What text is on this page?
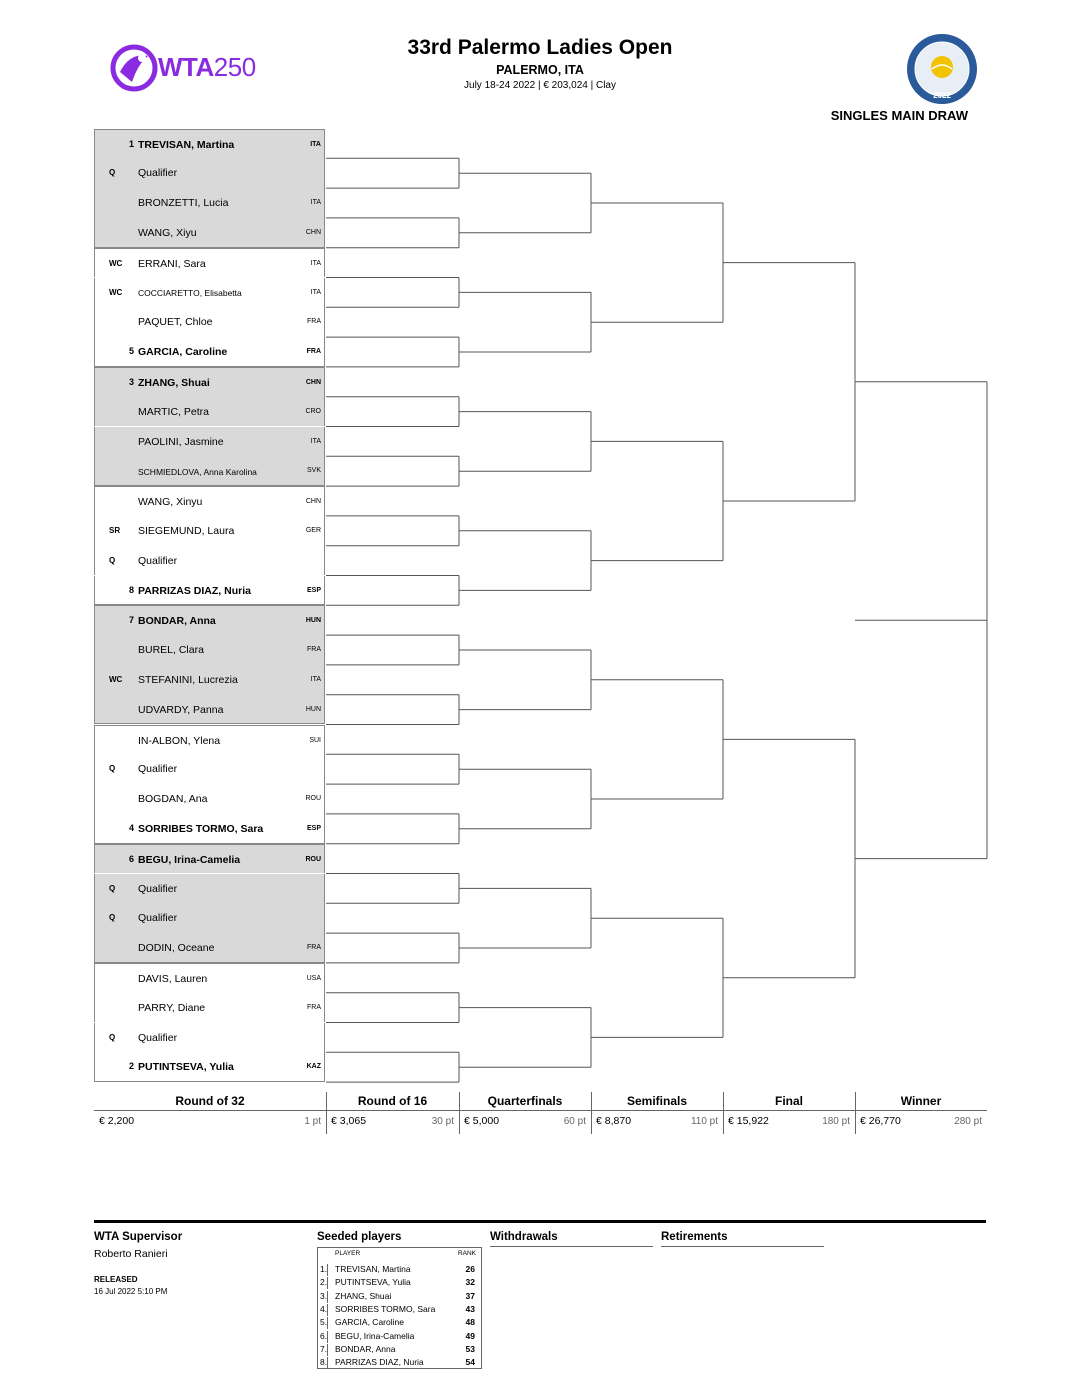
WTA250
33rd Palermo Ladies Open
PALERMO, ITA
July 18-24 2022 | € 203,024 | Clay
2022
SINGLES MAIN DRAW
1 TREVISAN, Martina	ITA
Q	Qualifier
BRONZETTI, Lucia	ITA
WANG, Xiyu	CHN
WC ERRANI, Sara	ITA
WC	COCCIARETTO, Elisabetta	ITA
PAQUET, Chloe	FRA
5 GARCIA, Caroline	FRA
3 ZHANG, Shuai	CHN
MARTIC, Petra	CRO
PAOLINI, Jasmine	ITA
SCHMIEDLOVA, Anna Karolina	SVK
WANG, Xinyu	CHN
SR	SIEGEMUND, Laura	GER
Q	Qualifier
8 PARRIZAS DIAZ, Nuria	ESP
7 BONDAR, Anna	HUN
BUREL, Clara	FRA
WC STEFANINI, Lucrezia	ITA
UDVARDY, Panna	HUN
IN-ALBON, Ylena	SUI
Q	Qualifier
BOGDAN, Ana	ROU
4 SORRIBES TORMO, Sara	ESP
6 BEGU, Irina-Camelia	ROU
Q	Qualifier
Q	Qualifier
DODIN, Oceane	FRA
DAVIS, Lauren	USA
PARRY, Diane	FRA
Q	Qualifier
2 PUTINTSEVA, Yulia	KAZ
Round of 32
€ 2,200	1 pt
Round of 16
€ 3,065	30 pt
Quarterfinals
€ 5,000	60 pt
Semifinals
€ 8,870	110 pt
Final
€ 15,922	180 pt
Winner
€ 26,770	280 pt
WTA Supervisor
Roberto Ranieri
RELEASED
16 Jul 2022 5:10 PM
Seeded players
PLAYER	RANK
1. TREVISAN, Martina	26
2. PUTINTSEVA, Yulia	32
3. ZHANG, Shuai	37
4. SORRIBES TORMO, Sara	43
5. GARCIA, Caroline	48
6. BEGU, Irina-Camelia	49
7. BONDAR, Anna	53
8. PARRIZAS DIAZ, Nuria	54
Withdrawals	Retirements
